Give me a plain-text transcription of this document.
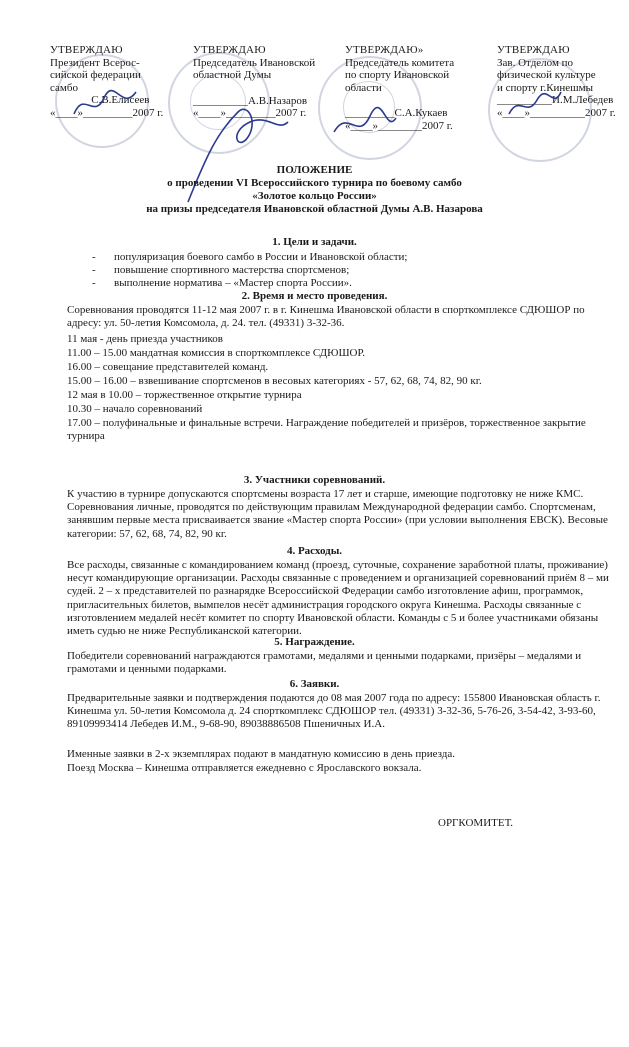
УТВЕРЖДАЮ
Президент Всерос-
сийской федерации
самбо
С.В.Елисеев
«____»_________2007 г.
УТВЕРЖДАЮ
Председатель Ивановской
областной Думы
__________А.В.Назаров
«____»_________2007 г.
УТВЕРЖДАЮ»
Председатель комитета
по спорту Ивановской
области
_________С.А.Кукаев
«____»________2007 г.
УТВЕРЖДАЮ
Зав. Отделом по
физической культуре
и спорту г.Кинешмы
__________И.М.Лебедев
«____»__________2007 г.
ПОЛОЖЕНИЕ
о проведении VI Всероссийского турнира по боевому самбо
«Золотое кольцо России»
на призы председателя Ивановской областной Думы А.В. Назарова
1. Цели и задачи.
- популяризация боевого самбо в России и Ивановской области;
- повышение спортивного мастерства спортсменов;
- выполнение норматива – «Мастер спорта России».
2. Время и место проведения.
Соревнования проводятся 11-12 мая 2007 г. в г. Кинешма Ивановской области в спорткомплексе СДЮШОР по адресу: ул. 50-летия Комсомола, д. 24. тел. (49331) 3-32-36.
11 мая - день приезда участников
11.00 – 15.00 мандатная комиссия в спорткомплексе СДЮШОР.
16.00 – совещание представителей команд.
15.00 – 16.00 – взвешивание спортсменов в весовых категориях - 57, 62, 68, 74, 82, 90 кг.
12 мая в 10.00 – торжественное открытие турнира
10.30 – начало соревнований
17.00 – полуфинальные и финальные встречи. Награждение победителей и призёров, торжественное закрытие турнира
3. Участники соревнований.
К участию в турнире допускаются спортсмены возраста 17 лет и старше, имеющие подготовку не ниже КМС. Соревнования личные, проводятся по действующим правилам Международной федерации самбо. Спортсменам, занявшим первые места присваивается звание «Мастер спорта России» (при условии выполнения ЕВСК). Весовые категории: 57, 62, 68, 74, 82, 90 кг.
4. Расходы.
Все расходы, связанные с командированием команд (проезд, суточные, сохранение заработной платы, проживание) несут командирующие организации. Расходы связанные с проведением и организацией соревнований приём 8 – ми судей. 2 – х представителей по разнарядке Всероссийской Федерации самбо изготовление афиш, программок, пригласительных билетов, вымпелов несёт администрация городского округа Кинешма. Расходы связанные с изготовлением медалей несёт комитет по спорту Ивановской области. Команды с 5 и более участниками обязаны иметь судью не ниже Республиканской категории.
5. Награждение.
Победители соревнований награждаются грамотами, медалями и ценными подарками, призёры – медалями и грамотами и ценными подарками.
6. Заявки.
Предварительные заявки и подтверждения подаются до 08 мая 2007 года по адресу: 155800 Ивановская область г. Кинешма ул. 50-летия Комсомола д. 24 спорткомплекс СДЮШОР тел. (49331) 3-32-36, 5-76-26, 3-54-42, 3-93-60, 89109993414 Лебедев И.М., 9-68-90, 89038886508 Пшеничных И.А.
Именные заявки в 2-х экземплярах подают в мандатную комиссию в день приезда.
Поезд Москва – Кинешма отправляется ежедневно с Ярославского вокзала.
ОРГКОМИТЕТ.
